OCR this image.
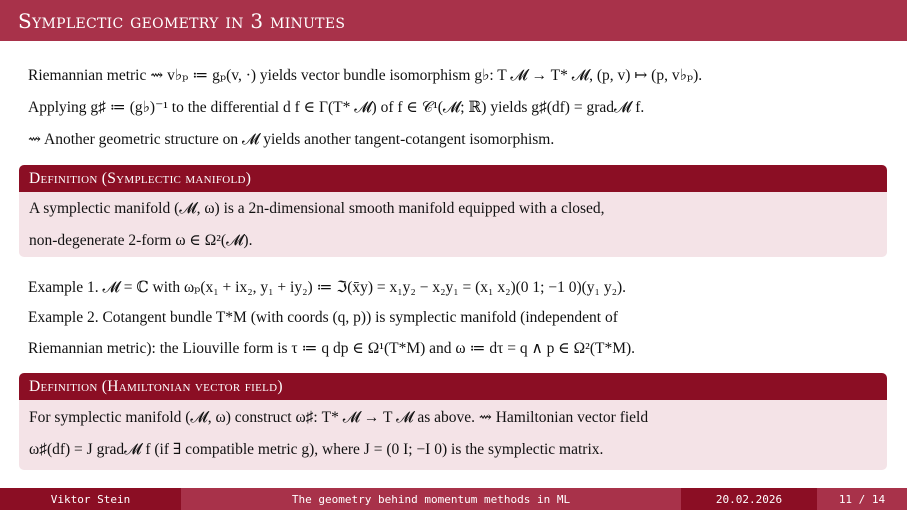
Symplectic geometry in 3 minutes
Riemannian metric ⇝ v♭ₚ ≔ gₚ(v, ·) yields vector bundle isomorphism g♭: T 𝓜 → T* 𝓜, (p, v) ↦ (p, v♭ₚ).
Applying g♯ ≔ (g♭)⁻¹ to the differential d f ∈ Γ(T* 𝓜) of f ∈ 𝒞¹(𝓜; ℝ) yields g♯(df) = grad𝓜 f.
⇝ Another geometric structure on 𝓜 yields another tangent-cotangent isomorphism.
Definition (Symplectic manifold)
A symplectic manifold (𝓜, ω) is a 2n-dimensional smooth manifold equipped with a closed,
non-degenerate 2-form ω ∈ Ω²(𝓜).
Example 1. 𝓜 = ℂ with ωₚ(x₁ + ix₂, y₁ + iy₂) ≔ ℑ(x̄y) = x₁y₂ − x₂y₁ = (x₁ x₂)(0 1; −1 0)(y₁ y₂).
Example 2. Cotangent bundle T*M (with coords (q, p)) is symplectic manifold (independent of
Riemannian metric): the Liouville form is τ ≔ q dp ∈ Ω¹(T*M) and ω ≔ dτ = q ∧ p ∈ Ω²(T*M).
Definition (Hamiltonian vector field)
For symplectic manifold (𝓜, ω) construct ω♯: T* 𝓜 → T 𝓜 as above. ⇝ Hamiltonian vector field
ω♯(df) = J grad𝓜 f (if ∃ compatible metric g), where J = (0 I; −I 0) is the symplectic matrix.
Viktor Stein	The geometry behind momentum methods in ML	20.02.2026	11 / 14
